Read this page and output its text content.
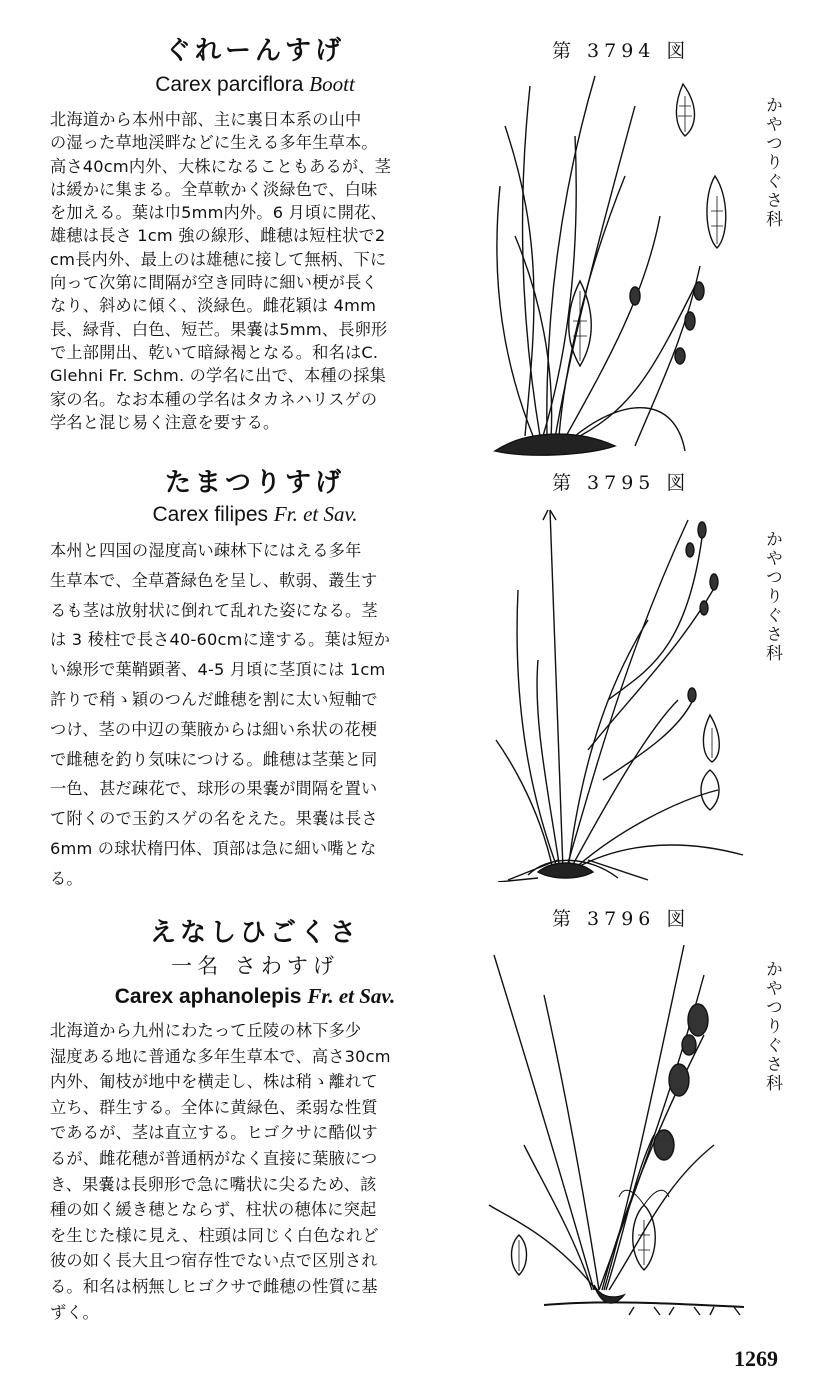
ぐれーんすげ
Carex parciflora Boott
北海道から本州中部、主に裏日本系の山中
の湿った草地渓畔などに生える多年生草本。
高さ40cm内外、大株になることもあるが、茎
は緩かに集まる。全草軟かく淡緑色で、白味
を加える。葉は巾5mm内外。6 月頃に開花、
雄穂は長さ 1cm 強の線形、雌穂は短柱状で2
cm長内外、最上のは雄穂に接して無柄、下に
向って次第に間隔が空き同時に細い梗が長く
なり、斜めに傾く、淡緑色。雌花穎は 4mm
長、緑背、白色、短芒。果嚢は5mm、長卵形
で上部開出、乾いて暗緑褐となる。和名はC.
Glehni Fr. Schm. の学名に出で、本種の採集
家の名。なお本種の学名はタカネハリスゲの
学名と混じ易く注意を要する。
第 3794 図
かやつりぐさ科
たまつりすげ
Carex filipes Fr. et Sav.
本州と四国の湿度高い疎林下にはえる多年
生草本で、全草蒼緑色を呈し、軟弱、叢生す
るも茎は放射状に倒れて乱れた姿になる。茎
は 3 稜柱で長さ40-60cmに達する。葉は短か
い線形で葉鞘顕著、4-5 月頃に茎頂には 1cm
許りで稍ゝ穎のつんだ雌穂を割に太い短軸で
つけ、茎の中辺の葉腋からは細い糸状の花梗
で雌穂を釣り気味につける。雌穂は茎葉と同
一色、甚だ疎花で、球形の果嚢が間隔を置い
て附くので玉釣スゲの名をえた。果嚢は長さ
6mm の球状楕円体、頂部は急に細い嘴とな
る。
第 3795 図
かやつりぐさ科
えなしひごくさ
一名 さわすげ
Carex aphanolepis Fr. et Sav.
北海道から九州にわたって丘陵の林下多少
湿度ある地に普通な多年生草本で、高さ30cm
内外、匍枝が地中を横走し、株は稍ゝ離れて
立ち、群生する。全体に黄緑色、柔弱な性質
であるが、茎は直立する。ヒゴクサに酷似す
るが、雌花穂が普通柄がなく直接に葉腋につ
き、果嚢は長卵形で急に嘴状に尖るため、該
種の如く緩き穂とならず、柱状の穂体に突起
を生じた様に見え、柱頭は同じく白色なれど
彼の如く長大且つ宿存性でない点で区別され
る。和名は柄無しヒゴクサで雌穂の性質に基
ずく。
第 3796 図
かやつりぐさ科
1269
